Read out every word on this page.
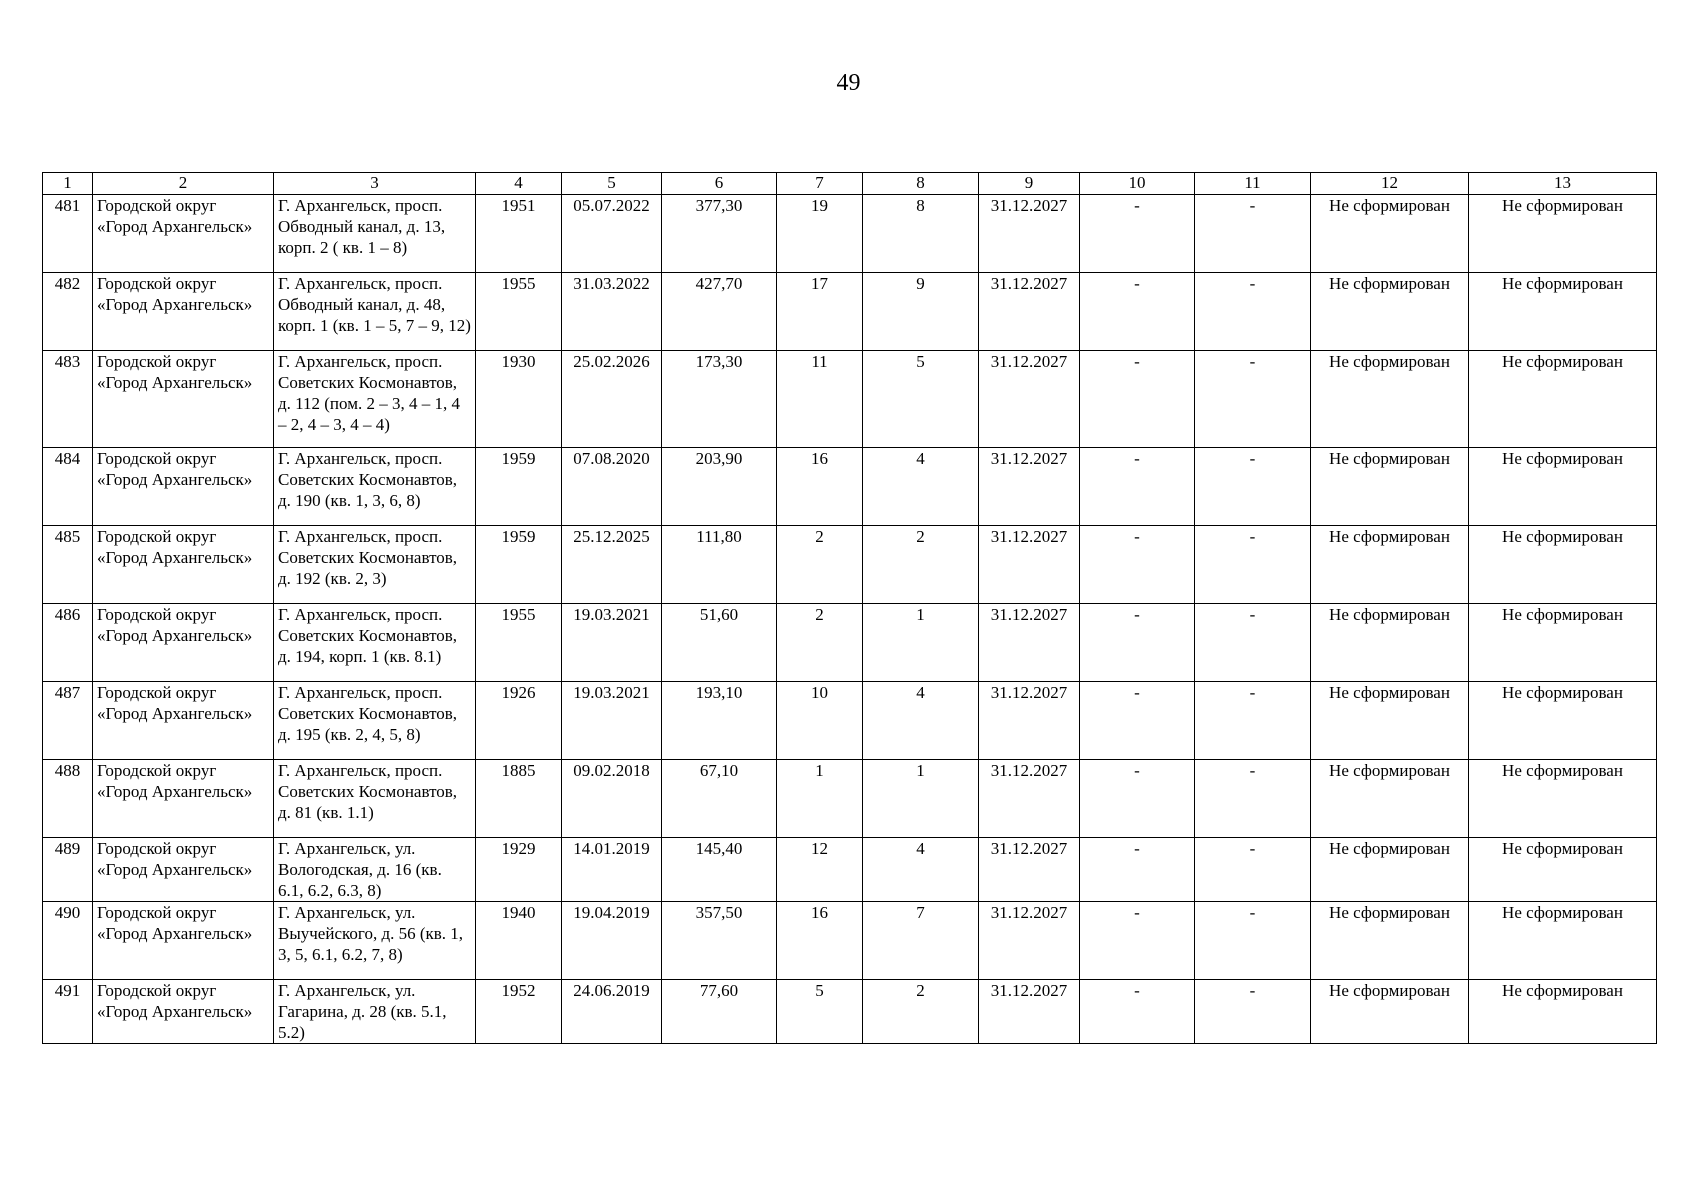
49
1	2	3	4	5	6	7	8	9	10	11	12	13
481	Городской округ «Город Архангельск»	Г. Архангельск, просп. Обводный канал, д. 13, корп. 2 ( кв. 1 – 8)	1951	05.07.2022	377,30	19	8	31.12.2027	-	-	Не сформирован	Не сформирован
482	Городской округ «Город Архангельск»	Г. Архангельск, просп. Обводный канал, д. 48, корп. 1 (кв. 1 – 5, 7 – 9, 12)	1955	31.03.2022	427,70	17	9	31.12.2027	-	-	Не сформирован	Не сформирован
483	Городской округ «Город Архангельск»	Г. Архангельск, просп. Советских Космонавтов, д. 112 (пом. 2 – 3, 4 – 1, 4 – 2, 4 – 3, 4 – 4)	1930	25.02.2026	173,30	11	5	31.12.2027	-	-	Не сформирован	Не сформирован
484	Городской округ «Город Архангельск»	Г. Архангельск, просп. Советских Космонавтов, д. 190 (кв. 1, 3, 6, 8)	1959	07.08.2020	203,90	16	4	31.12.2027	-	-	Не сформирован	Не сформирован
485	Городской округ «Город Архангельск»	Г. Архангельск, просп. Советских Космонавтов, д. 192 (кв. 2, 3)	1959	25.12.2025	111,80	2	2	31.12.2027	-	-	Не сформирован	Не сформирован
486	Городской округ «Город Архангельск»	Г. Архангельск, просп. Советских Космонавтов, д. 194, корп. 1 (кв. 8.1)	1955	19.03.2021	51,60	2	1	31.12.2027	-	-	Не сформирован	Не сформирован
487	Городской округ «Город Архангельск»	Г. Архангельск, просп. Советских Космонавтов, д. 195 (кв. 2, 4, 5, 8)	1926	19.03.2021	193,10	10	4	31.12.2027	-	-	Не сформирован	Не сформирован
488	Городской округ «Город Архангельск»	Г. Архангельск, просп. Советских Космонавтов, д. 81 (кв. 1.1)	1885	09.02.2018	67,10	1	1	31.12.2027	-	-	Не сформирован	Не сформирован
489	Городской округ «Город Архангельск»	Г. Архангельск, ул. Вологодская, д. 16 (кв. 6.1, 6.2, 6.3, 8)	1929	14.01.2019	145,40	12	4	31.12.2027	-	-	Не сформирован	Не сформирован
490	Городской округ «Город Архангельск»	Г. Архангельск, ул. Выучейского, д. 56 (кв. 1, 3, 5, 6.1, 6.2, 7, 8)	1940	19.04.2019	357,50	16	7	31.12.2027	-	-	Не сформирован	Не сформирован
491	Городской округ «Город Архангельск»	Г. Архангельск, ул. Гагарина, д. 28 (кв. 5.1, 5.2)	1952	24.06.2019	77,60	5	2	31.12.2027	-	-	Не сформирован	Не сформирован
